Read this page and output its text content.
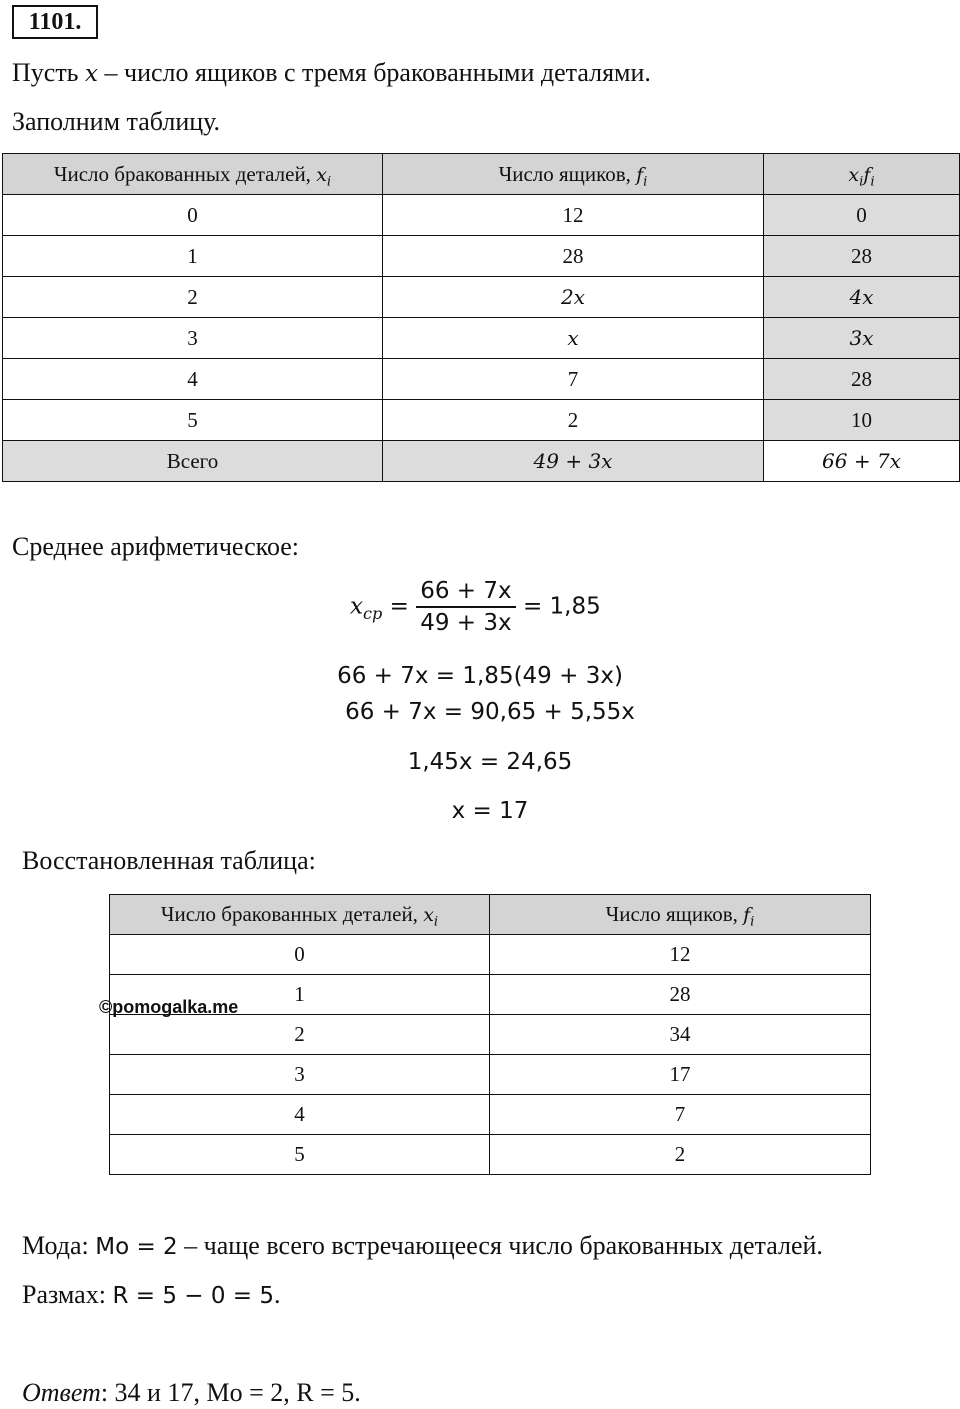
1101.
Пусть x – число ящиков с тремя бракованными деталями.
Заполним таблицу.
Число бракованных деталей, $x_i$	Число ящиков, $f_i$	$x_if_i$
0	12	0
1	28	28
2	2x	4x
3	x	3x
4	7	28
5	2	10
Всего	49 + 3x	66 + 7x
Среднее арифметическое:
$x_{cp} = \frac{66 + 7x}{49 + 3x} = 1,85$
66 + 7x = 1,85(49 + 3x)
66 + 7x = 90,65 + 5,55x
1,45x = 24,65
x = 17
Восстановленная таблица:
Число бракованных деталей, $x_i$	Число ящиков, $f_i$
0	12
1	28
2	34
3	17
4	7
5	2
©pomogalka.me
Мода: Mo = 2 – чаще всего встречающееся число бракованных деталей.
Размах: R = 5 − 0 = 5.
Ответ: 34 и 17, Mo = 2, R = 5.
